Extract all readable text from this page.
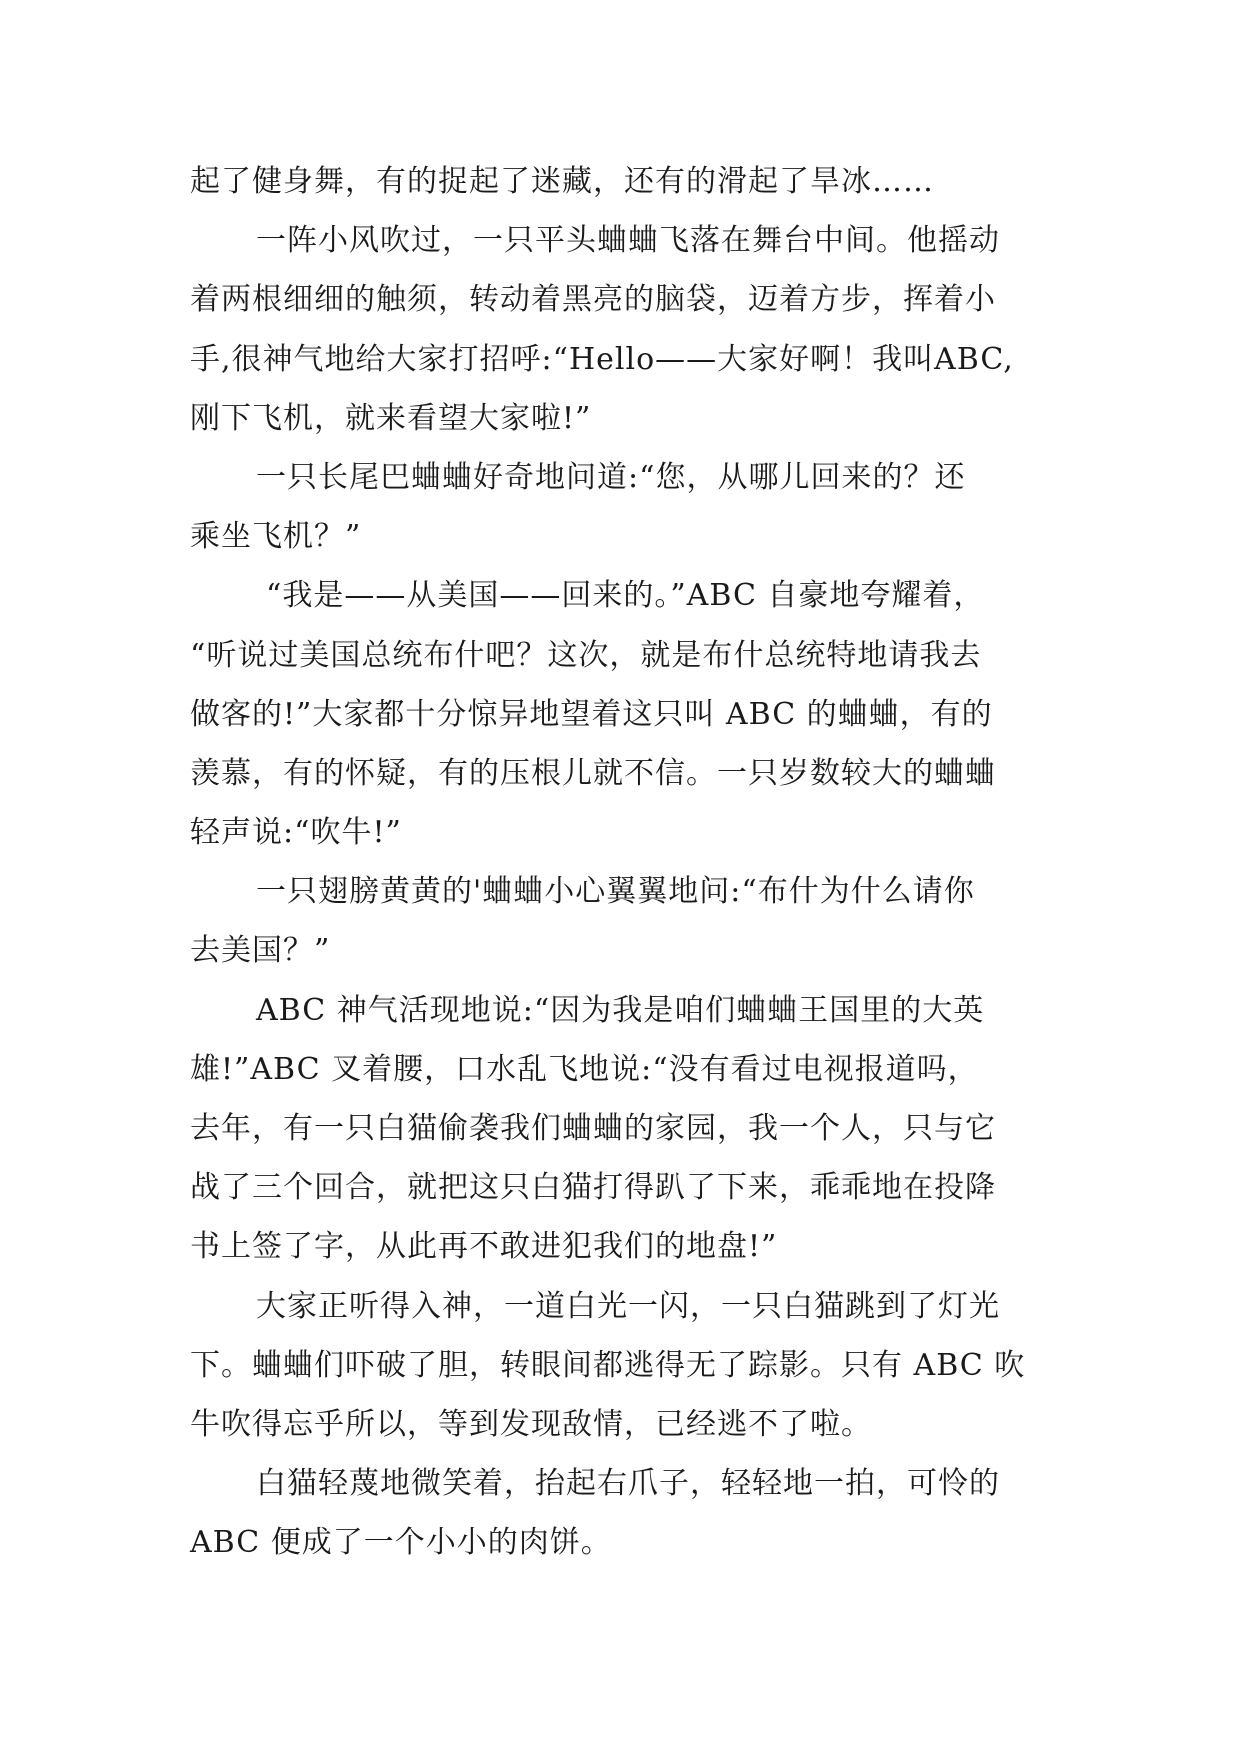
起了健身舞，有的捉起了迷藏，还有的滑起了旱冰……
一阵小风吹过，一只平头蛐蛐飞落在舞台中间。他摇动
着两根细细的触须，转动着黑亮的脑袋，迈着方步，挥着小
手,很神气地给大家打招呼:“Hello——大家好啊！我叫ABC,
刚下飞机，就来看望大家啦!”
一只长尾巴蛐蛐好奇地问道:“您，从哪儿回来的？还
乘坐飞机？”
“我是——从美国——回来的。”ABC 自豪地夸耀着，
“听说过美国总统布什吧？这次，就是布什总统特地请我去
做客的!”大家都十分惊异地望着这只叫 ABC 的蛐蛐，有的
羡慕，有的怀疑，有的压根儿就不信。一只岁数较大的蛐蛐
轻声说:“吹牛!”
一只翅膀黄黄的'蛐蛐小心翼翼地问:“布什为什么请你
去美国？”
ABC 神气活现地说:“因为我是咱们蛐蛐王国里的大英
雄!”ABC 叉着腰，口水乱飞地说:“没有看过电视报道吗，
去年，有一只白猫偷袭我们蛐蛐的家园，我一个人，只与它
战了三个回合，就把这只白猫打得趴了下来，乖乖地在投降
书上签了字，从此再不敢进犯我们的地盘!”
大家正听得入神，一道白光一闪，一只白猫跳到了灯光
下。蛐蛐们吓破了胆，转眼间都逃得无了踪影。只有 ABC 吹
牛吹得忘乎所以，等到发现敌情，已经逃不了啦。
白猫轻蔑地微笑着，抬起右爪子，轻轻地一拍，可怜的
ABC 便成了一个小小的肉饼。
